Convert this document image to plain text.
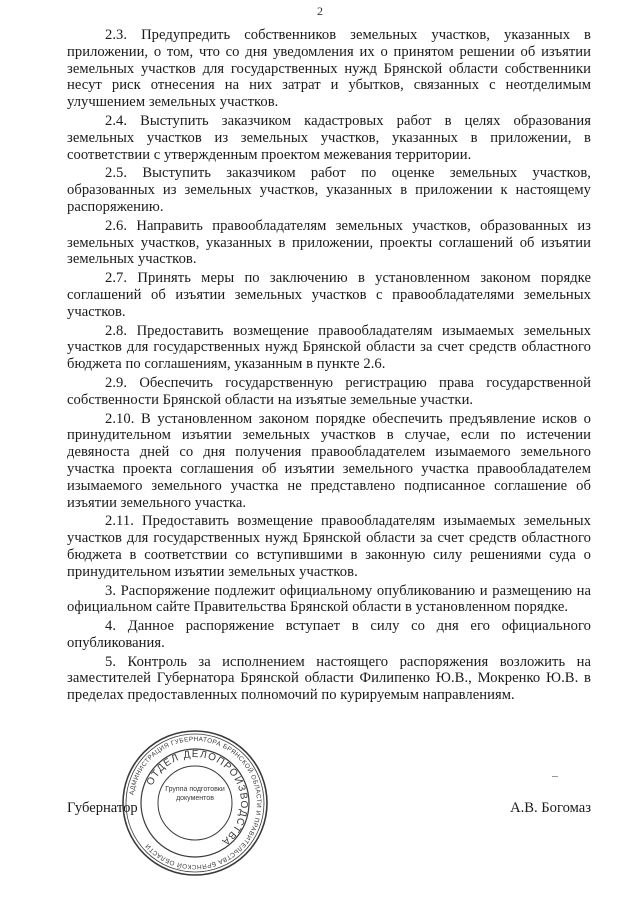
2

2.3. Предупредить собственников земельных участков, указанных в приложении, о том, что со дня уведомления их о принятом решении об изъятии земельных участков для государственных нужд Брянской области собственники несут риск отнесения на них затрат и убытков, связанных с неотделимым улучшением земельных участков.

2.4. Выступить заказчиком кадастровых работ в целях образования земельных участков из земельных участков, указанных в приложении, в соответствии с утвержденным проектом межевания территории.

2.5. Выступить заказчиком работ по оценке земельных участков, образованных из земельных участков, указанных в приложении к настоящему распоряжению.

2.6. Направить правообладателям земельных участков, образованных из земельных участков, указанных в приложении, проекты соглашений об изъятии земельных участков.

2.7. Принять меры по заключению в установленном законом порядке соглашений об изъятии земельных участков с правообладателями земельных участков.

2.8. Предоставить возмещение правообладателям изымаемых земельных участков для государственных нужд Брянской области за счет средств областного бюджета по соглашениям, указанным в пункте 2.6.

2.9. Обеспечить государственную регистрацию права государственной собственности Брянской области на изъятые земельные участки.

2.10. В установленном законом порядке обеспечить предъявление исков о принудительном изъятии земельных участков в случае, если по истечении девяноста дней со дня получения правообладателем изымаемого земельного участка проекта соглашения об изъятии земельного участка правообладателем изымаемого земельного участка не представлено подписанное соглашение об изъятии земельного участка.

2.11. Предоставить возмещение правообладателям изымаемых земельных участков для государственных нужд Брянской области за счет средств областного бюджета в соответствии со вступившими в законную силу решениями суда о принудительном изъятии земельных участков.

3. Распоряжение подлежит официальному опубликованию и размещению на официальном сайте Правительства Брянской области в установленном порядке.

4. Данное распоряжение вступает в силу со дня его официального опубликования.

5. Контроль за исполнением настоящего распоряжения возложить на заместителей Губернатора Брянской области Филипенко Ю.В., Мокренко Ю.В. в пределах предоставленных полномочий по курируемым направлениям.

Губернатор	А.В. Богомаз
АДМИНИСТРАЦИЯ ГУБЕРНАТОРА БРЯНСКОЙ ОБЛАСТИ И ПРАВИТЕЛЬСТВА БРЯНСКОЙ ОБЛАСТИ
ОТДЕЛ ДЕЛОПРОИЗВОДСТВА
Группа подготовки документов
